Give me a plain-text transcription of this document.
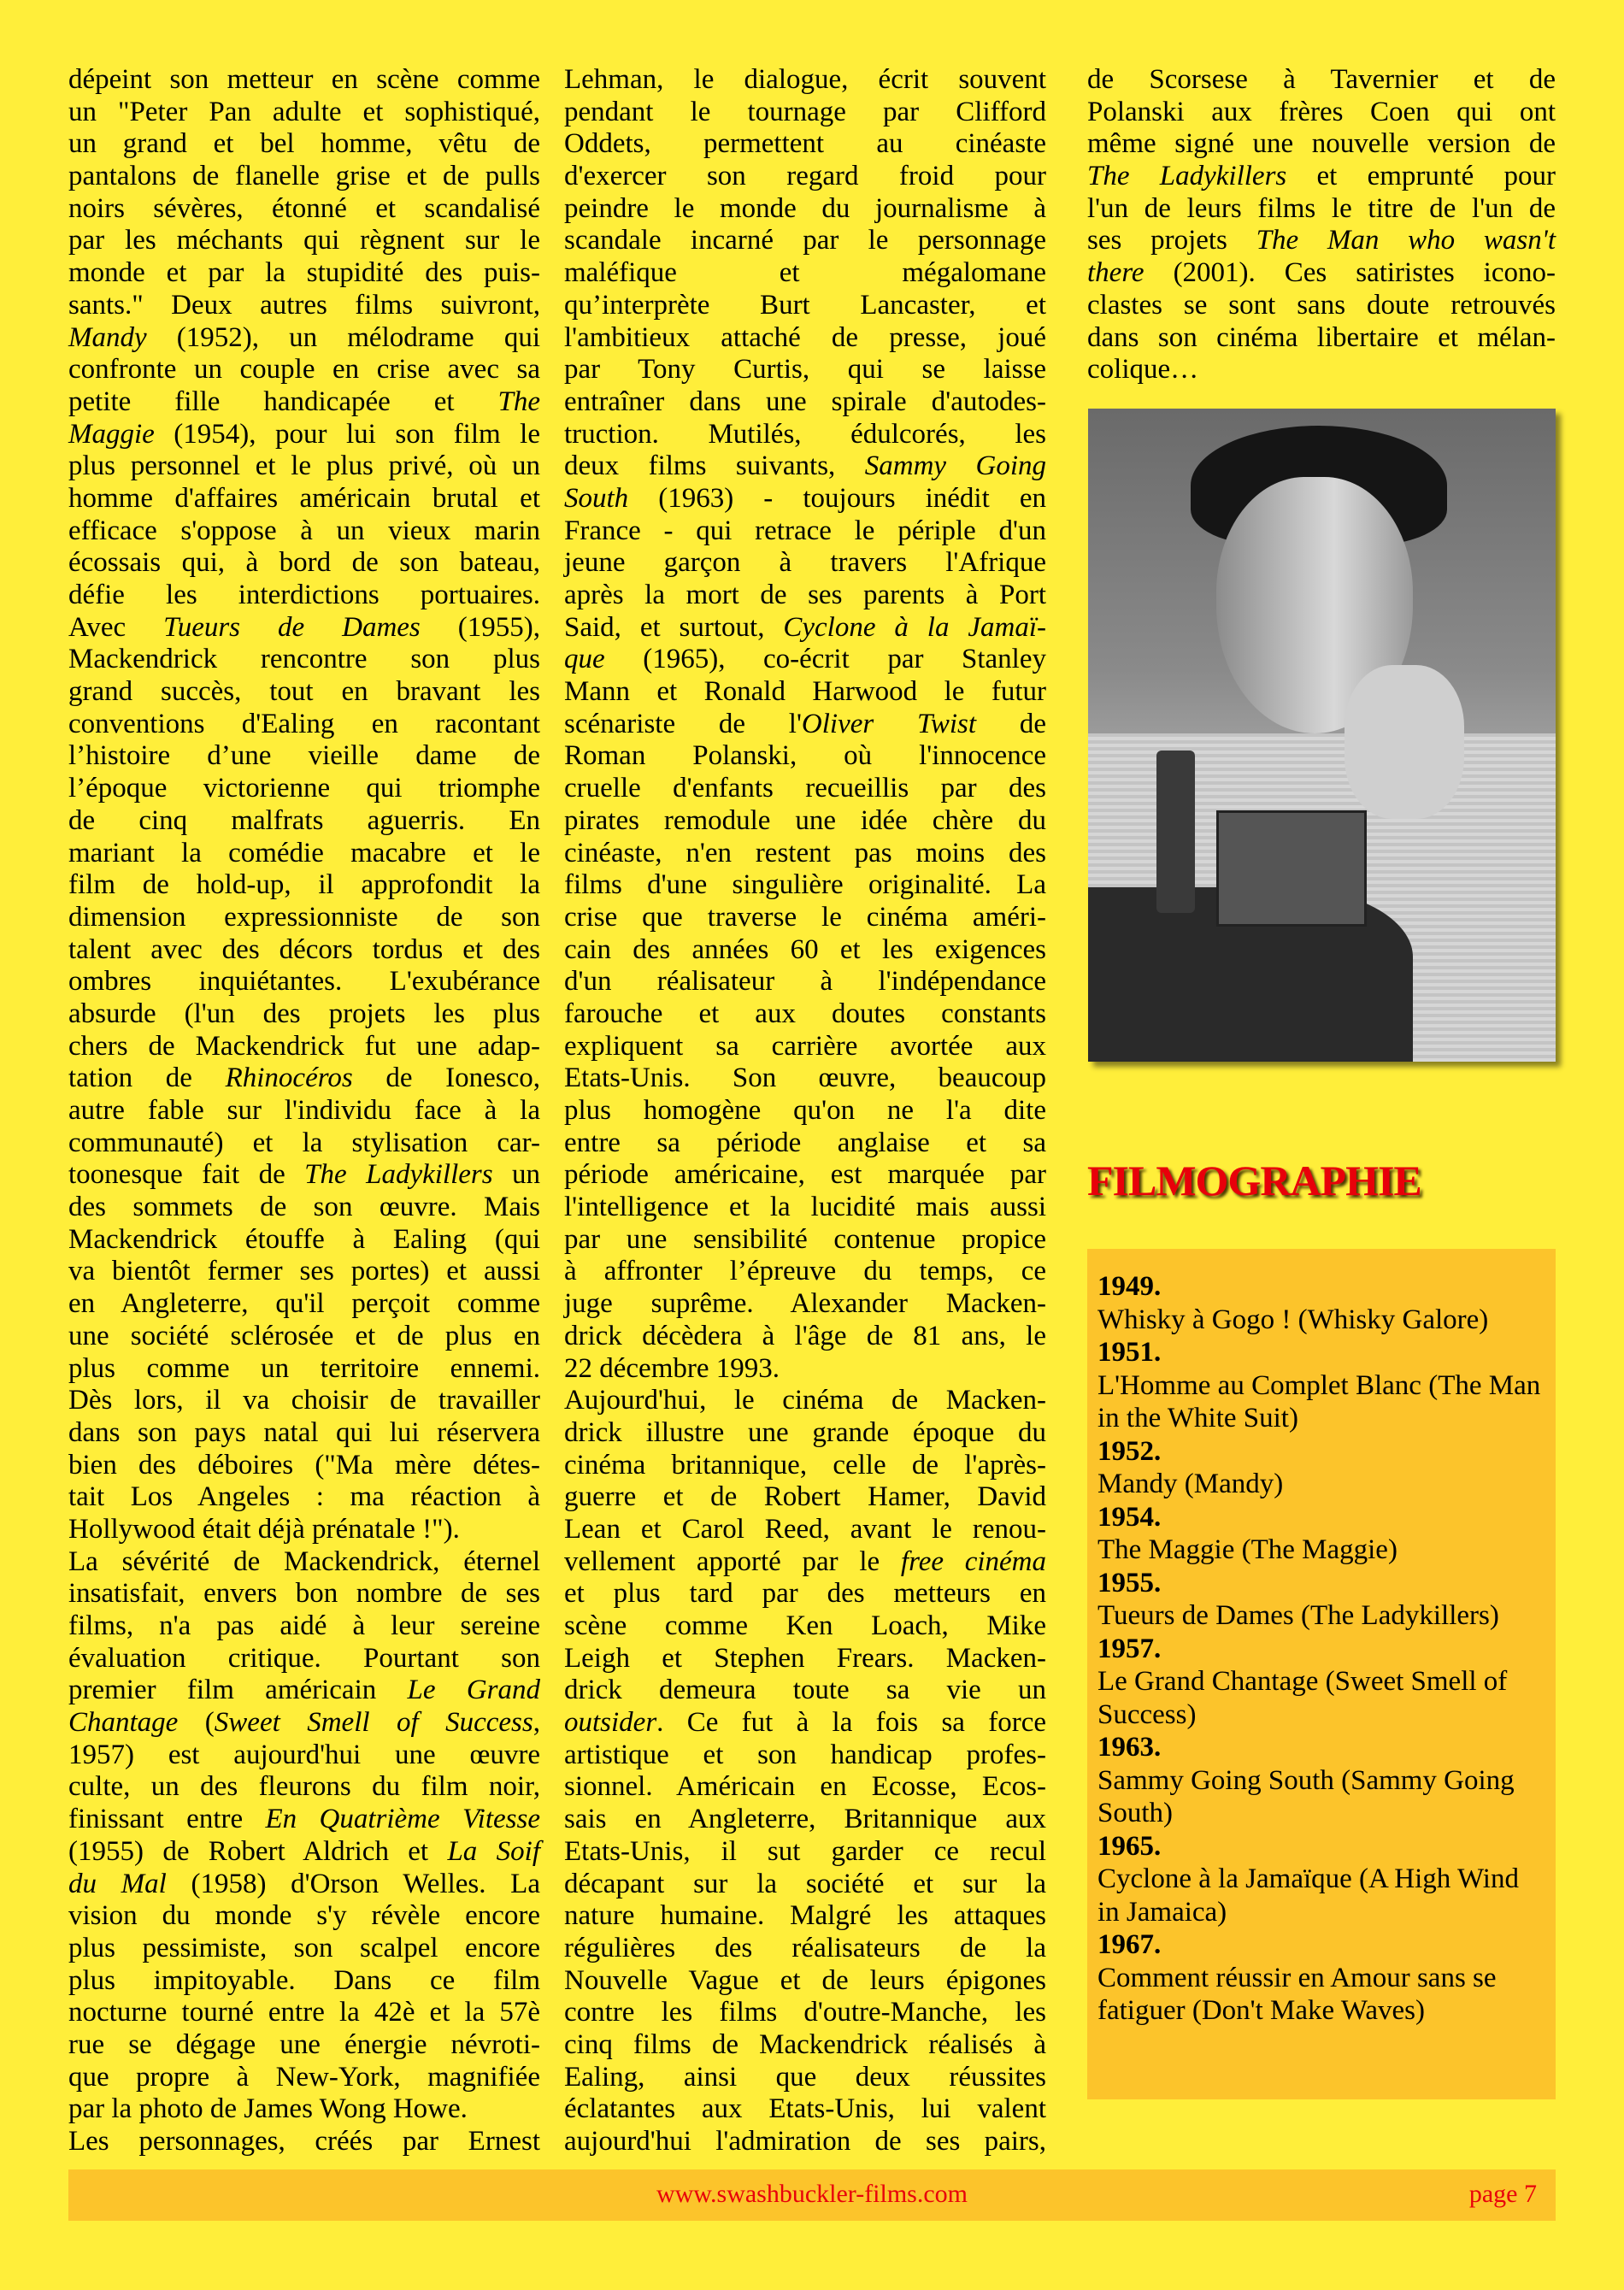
dépeint son metteur en scène comme
un "Peter Pan adulte et sophistiqué,
un grand et bel homme, vêtu de
pantalons de flanelle grise et de pulls
noirs sévères, étonné et scandalisé
par les méchants qui règnent sur le
monde et par la stupidité des puis-
sants." Deux autres films suivront,
Mandy (1952), un mélodrame qui
confronte un couple en crise avec sa
petite fille handicapée et The
Maggie (1954), pour lui son film le
plus personnel et le plus privé, où un
homme d'affaires américain brutal et
efficace s'oppose à un vieux marin
écossais qui, à bord de son bateau,
défie les interdictions portuaires.
Avec Tueurs de Dames (1955),
Mackendrick rencontre son plus
grand succès, tout en bravant les
conventions d'Ealing en racontant
l’histoire d’une vieille dame de
l’époque victorienne qui triomphe
de cinq malfrats aguerris. En
mariant la comédie macabre et le
film de hold-up, il approfondit la
dimension expressionniste de son
talent avec des décors tordus et des
ombres inquiétantes. L'exubérance
absurde (l'un des projets les plus
chers de Mackendrick fut une adap-
tation de Rhinocéros de Ionesco,
autre fable sur l'individu face à la
communauté) et la stylisation car-
toonesque fait de The Ladykillers un
des sommets de son œuvre. Mais
Mackendrick étouffe à Ealing (qui
va bientôt fermer ses portes) et aussi
en Angleterre, qu'il perçoit comme
une société sclérosée et de plus en
plus comme un territoire ennemi.
Dès lors, il va choisir de travailler
dans son pays natal qui lui réservera
bien des déboires ("Ma mère détes-
tait Los Angeles : ma réaction à
Hollywood était déjà prénatale !").
La sévérité de Mackendrick, éternel
insatisfait, envers bon nombre de ses
films, n'a pas aidé à leur sereine
évaluation critique. Pourtant son
premier film américain Le Grand
Chantage (Sweet Smell of Success,
1957) est aujourd'hui une œuvre
culte, un des fleurons du film noir,
finissant entre En Quatrième Vitesse
(1955) de Robert Aldrich et La Soif
du Mal (1958) d'Orson Welles. La
vision du monde s'y révèle encore
plus pessimiste, son scalpel encore
plus impitoyable. Dans ce film
nocturne tourné entre la 42è et la 57è
rue se dégage une énergie névroti-
que propre à New-York, magnifiée
par la photo de James Wong Howe.
Les personnages, créés par Ernest
Lehman, le dialogue, écrit souvent
pendant le tournage par Clifford
Oddets, permettent au cinéaste
d'exercer son regard froid pour
peindre le monde du journalisme à
scandale incarné par le personnage
maléfique et mégalomane
qu’interprète Burt Lancaster, et
l'ambitieux attaché de presse, joué
par Tony Curtis, qui se laisse
entraîner dans une spirale d'autodes-
truction. Mutilés, édulcorés, les
deux films suivants, Sammy Going
South (1963) - toujours inédit en
France - qui retrace le périple d'un
jeune garçon à travers l'Afrique
après la mort de ses parents à Port
Said, et surtout, Cyclone à la Jamaï-
que (1965), co-écrit par Stanley
Mann et Ronald Harwood le futur
scénariste de l'Oliver Twist de
Roman Polanski, où l'innocence
cruelle d'enfants recueillis par des
pirates remodule une idée chère du
cinéaste, n'en restent pas moins des
films d'une singulière originalité. La
crise que traverse le cinéma améri-
cain des années 60 et les exigences
d'un réalisateur à l'indépendance
farouche et aux doutes constants
expliquent sa carrière avortée aux
Etats-Unis. Son œuvre, beaucoup
plus homogène qu'on ne l'a dite
entre sa période anglaise et sa
période américaine, est marquée par
l'intelligence et la lucidité mais aussi
par une sensibilité contenue propice
à affronter l’épreuve du temps, ce
juge suprême. Alexander Macken-
drick décèdera à l'âge de 81 ans, le
22 décembre 1993.
Aujourd'hui, le cinéma de Macken-
drick illustre une grande époque du
cinéma britannique, celle de l'après-
guerre et de Robert Hamer, David
Lean et Carol Reed, avant le renou-
vellement apporté par le free cinéma
et plus tard par des metteurs en
scène comme Ken Loach, Mike
Leigh et Stephen Frears. Macken-
drick demeura toute sa vie un
outsider. Ce fut à la fois sa force
artistique et son handicap profes-
sionnel. Américain en Ecosse, Ecos-
sais en Angleterre, Britannique aux
Etats-Unis, il sut garder ce recul
décapant sur la société et sur la
nature humaine. Malgré les attaques
régulières des réalisateurs de la
Nouvelle Vague et de leurs épigones
contre les films d'outre-Manche, les
cinq films de Mackendrick réalisés à
Ealing, ainsi que deux réussites
éclatantes aux Etats-Unis, lui valent
aujourd'hui l'admiration de ses pairs,
de Scorsese à Tavernier et de
Polanski aux frères Coen qui ont
même signé une nouvelle version de
The Ladykillers et emprunté pour
l'un de leurs films le titre de l'un de
ses projets The Man who wasn't
there (2001). Ces satiristes icono-
clastes se sont sans doute retrouvés
dans son cinéma libertaire et mélan-
colique…
FILMOGRAPHIE
1949.
Whisky à Gogo ! (Whisky Galore)
1951.
L'Homme au Complet Blanc (The Man in the White Suit)
1952.
Mandy (Mandy)
1954.
The Maggie (The Maggie)
1955.
Tueurs de Dames (The Ladykillers)
1957.
Le Grand Chantage (Sweet Smell of Success)
1963.
Sammy Going South (Sammy Going South)
1965.
Cyclone à la Jamaïque (A High Wind in Jamaica)
1967.
Comment réussir en Amour sans se fatiguer (Don't Make Waves)
www.swashbuckler-films.com	page 7
